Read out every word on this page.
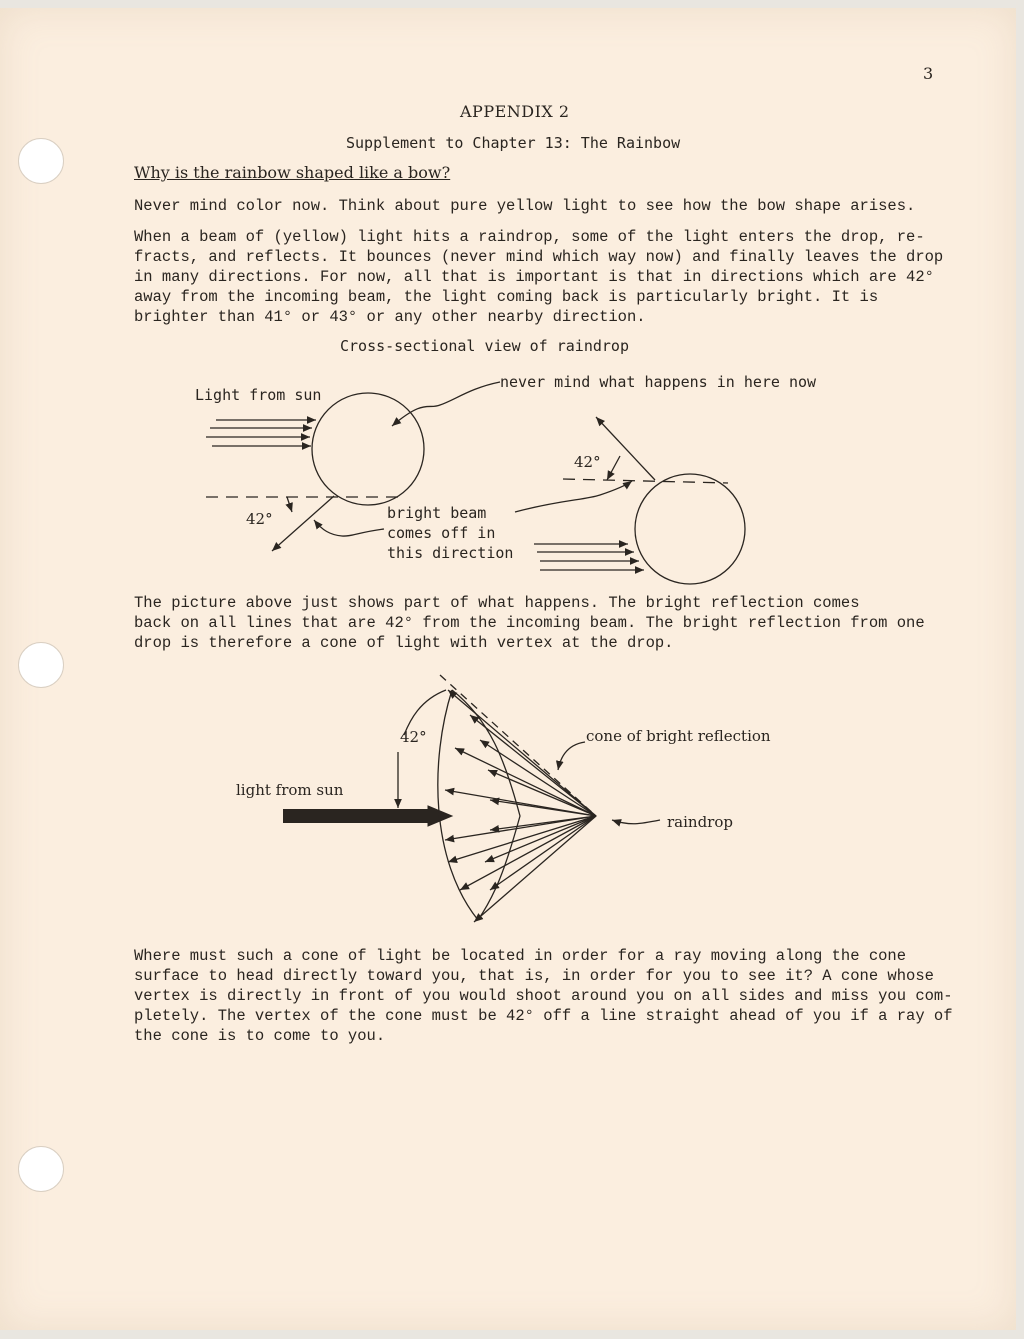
3
APPENDIX 2
Supplement to Chapter 13: The Rainbow
Why is the rainbow shaped like a bow?
Never mind color now. Think about pure yellow light to see how the bow shape arises.
When a beam of (yellow) light hits a raindrop, some of the light enters the drop, re-
fracts, and reflects. It bounces (never mind which way now) and finally leaves the drop
in many directions. For now, all that is important is that in directions which are 42°
away from the incoming beam, the light coming back is particularly bright. It is
brighter than 41° or 43° or any other nearby direction.
Cross-sectional view of raindrop
Light from sun
never mind what happens in here now
42°
42°
bright beam
comes off in
this direction
42°	cone of bright reflection
light from sun
raindrop
The picture above just shows part of what happens. The bright reflection comes
back on all lines that are 42° from the incoming beam. The bright reflection from one
drop is therefore a cone of light with vertex at the drop.
Where must such a cone of light be located in order for a ray moving along the cone
surface to head directly toward you, that is, in order for you to see it? A cone whose
vertex is directly in front of you would shoot around you on all sides and miss you com-
pletely. The vertex of the cone must be 42° off a line straight ahead of you if a ray of
the cone is to come to you.
